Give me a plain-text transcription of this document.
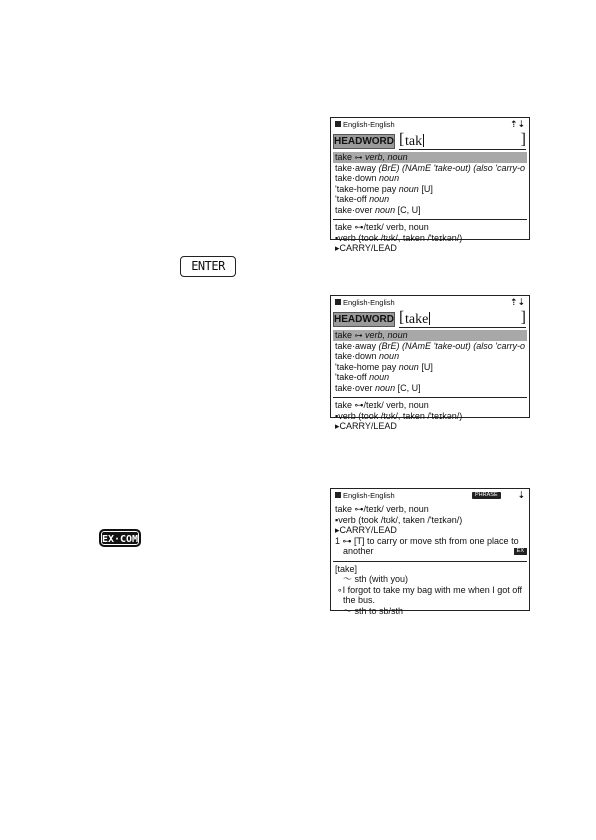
ENTER
EX·COM
English-English	⇡⇣
HEADWORD [ tak	]
take ⊶ verb, noun
take·away (BrE) (NAmE 'take-out) (also 'carry-o
take·down noun
'take-home pay noun [U]
'take-off noun
take·over noun [C, U]
take ⊶/teɪk/ verb, noun
▪verb (took /tʊk/, taken /'teɪkən/)
▸CARRY/LEAD
English-English	⇡⇣
HEADWORD [ take	]
take ⊶ verb, noun
take·away (BrE) (NAmE 'take-out) (also 'carry-o
take·down noun
'take-home pay noun [U]
'take-off noun
take·over noun [C, U]
take ⊶/teɪk/ verb, noun
▪verb (took /tʊk/, taken /'teɪkən/)
▸CARRY/LEAD
English-English	PHRASE	⇣
take ⊶/teɪk/ verb, noun
▪verb (took /tʊk/, taken /'teɪkən/)
▸CARRY/LEAD
1 ⊶ [T] to carry or move sth from one place to
another	EX
[take]
～ sth (with you)
∘I forgot to take my bag with me when I got off
the bus.
～ sth to sb/sth
